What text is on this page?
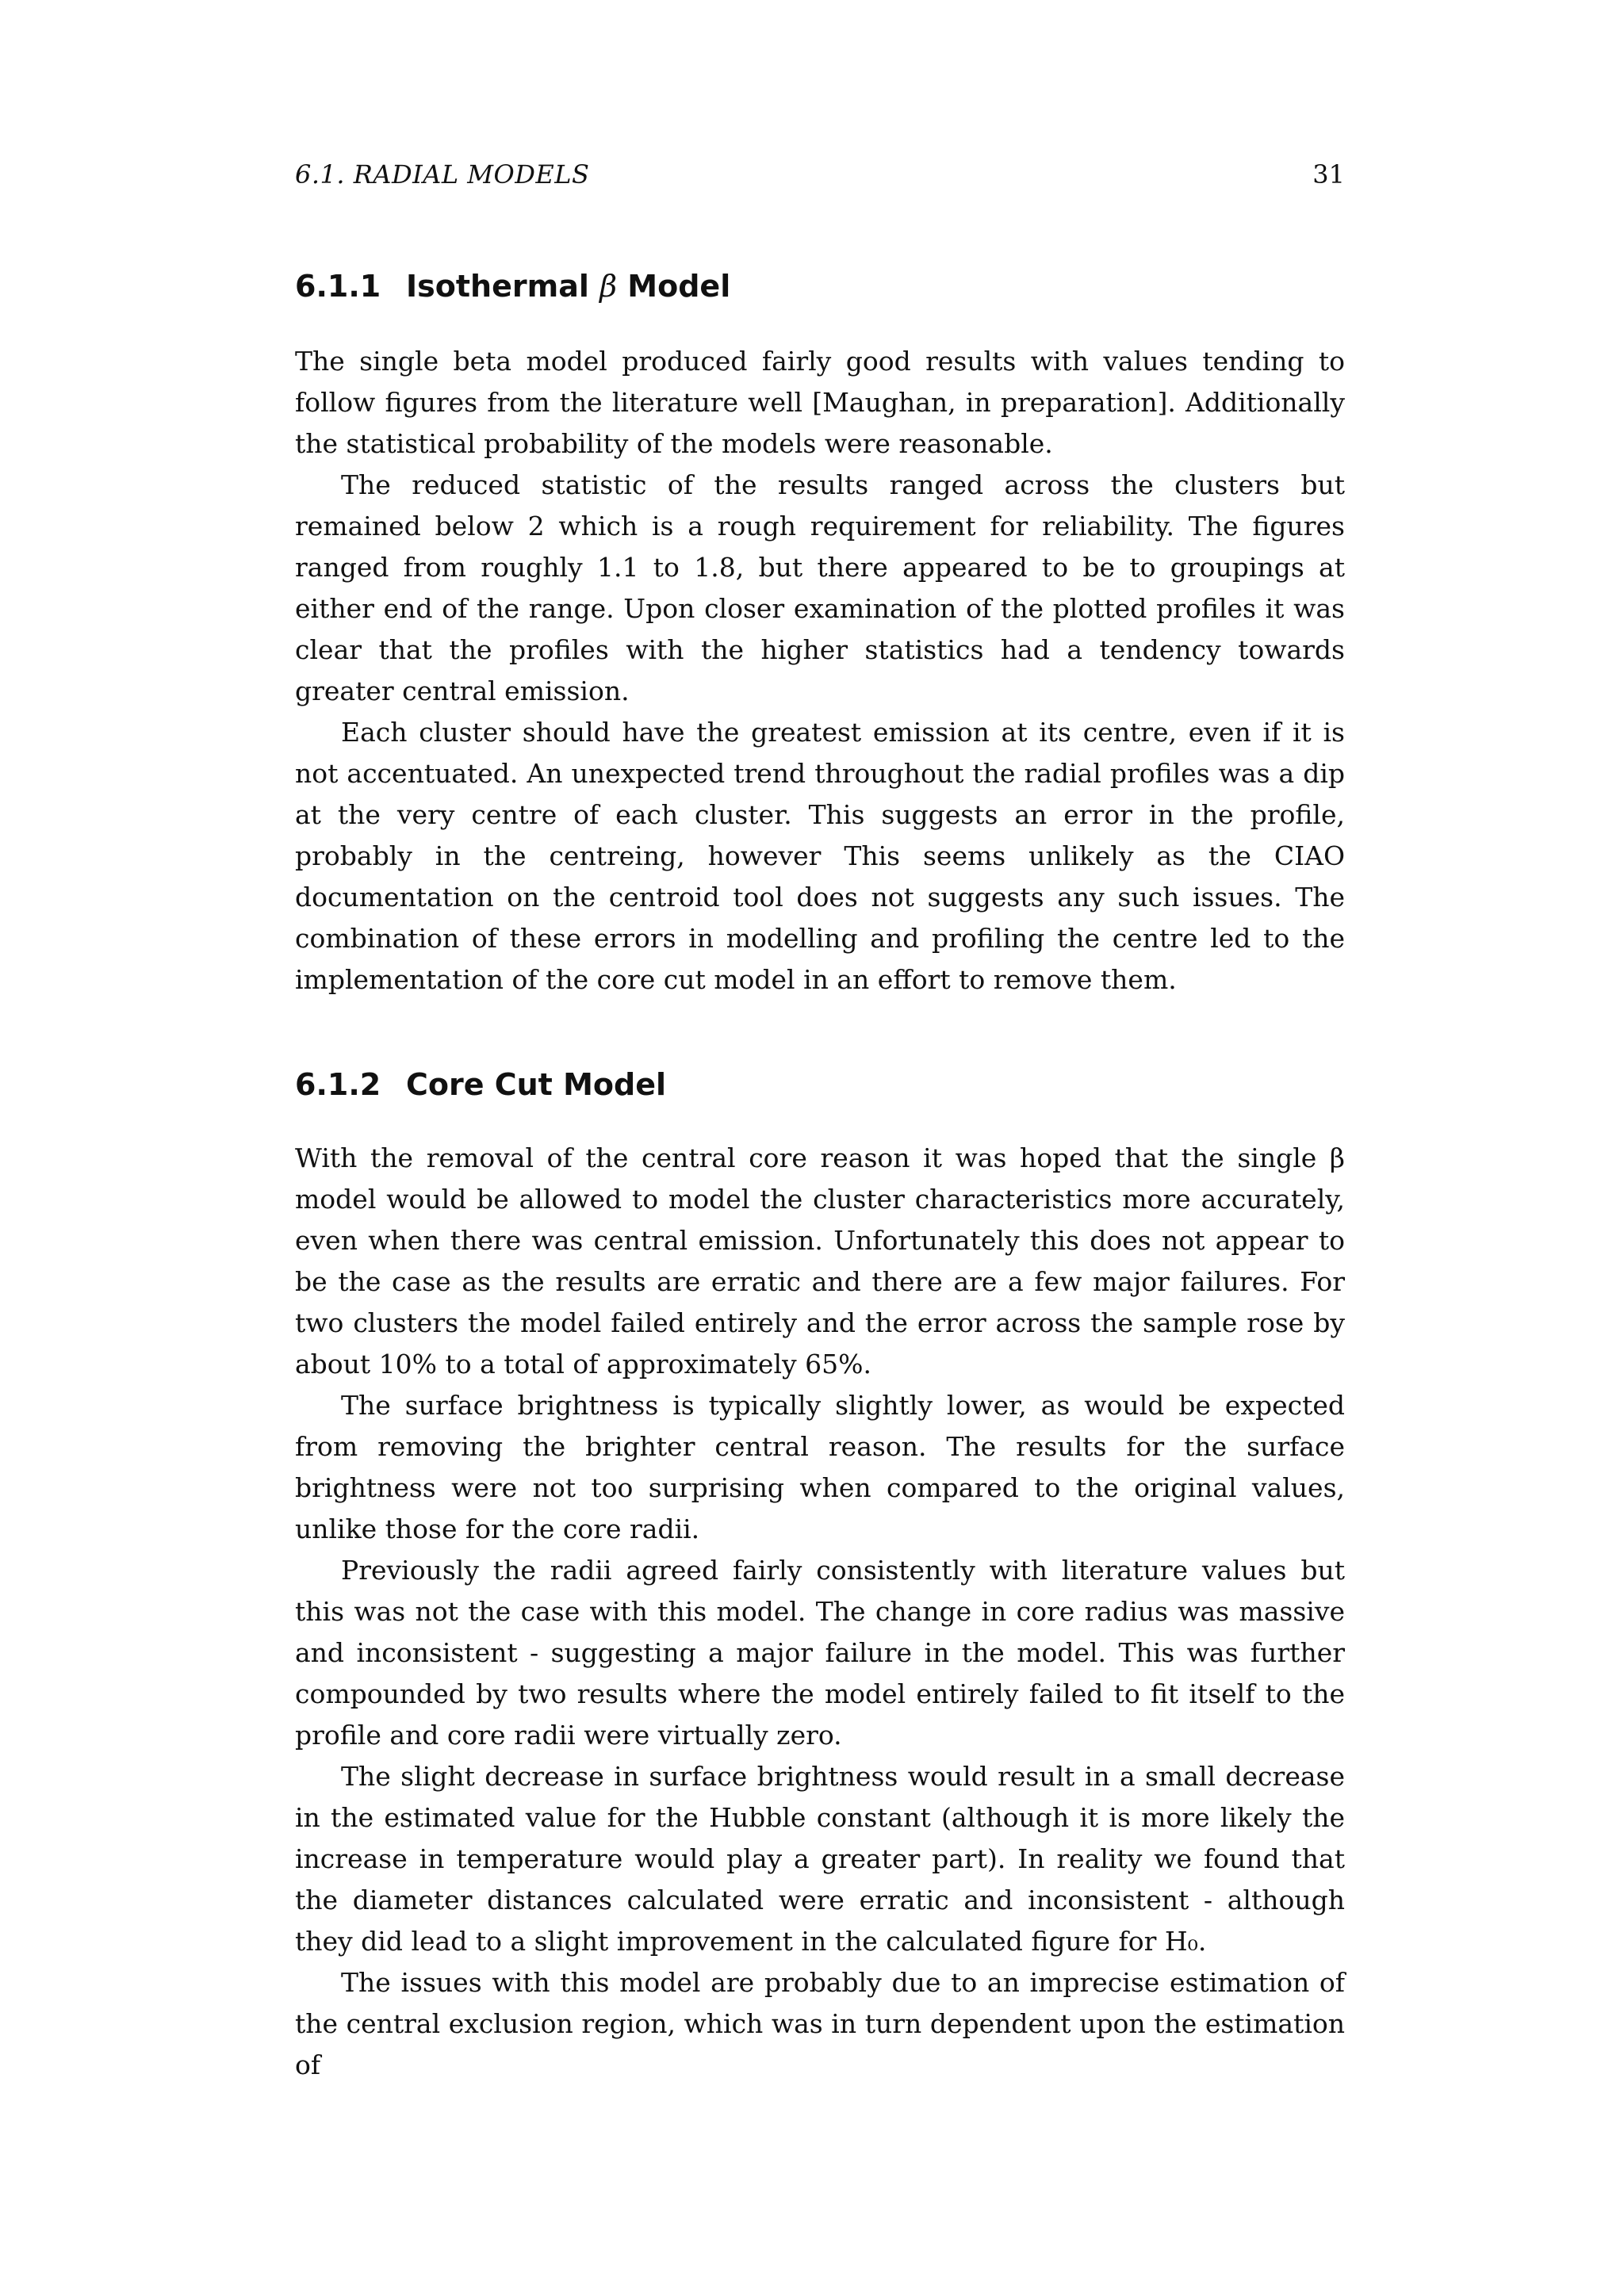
6.1. RADIAL MODELS	31
6.1.1 Isothermal β Model

The single beta model produced fairly good results with values tending to follow figures from the literature well [Maughan, in preparation]. Additionally the statistical probability of the models were reasonable.

The reduced statistic of the results ranged across the clusters but remained below 2 which is a rough requirement for reliability. The figures ranged from roughly 1.1 to 1.8, but there appeared to be to groupings at either end of the range. Upon closer examination of the plotted profiles it was clear that the profiles with the higher statistics had a tendency towards greater central emission.

Each cluster should have the greatest emission at its centre, even if it is not accentuated. An unexpected trend throughout the radial profiles was a dip at the very centre of each cluster. This suggests an error in the profile, probably in the centreing, however This seems unlikely as the CIAO documentation on the centroid tool does not suggests any such issues. The combination of these errors in modelling and profiling the centre led to the implementation of the core cut model in an effort to remove them.

6.1.2 Core Cut Model

With the removal of the central core reason it was hoped that the single β model would be allowed to model the cluster characteristics more accurately, even when there was central emission. Unfortunately this does not appear to be the case as the results are erratic and there are a few major failures. For two clusters the model failed entirely and the error across the sample rose by about 10% to a total of approximately 65%.

The surface brightness is typically slightly lower, as would be expected from removing the brighter central reason. The results for the surface brightness were not too surprising when compared to the original values, unlike those for the core radii.

Previously the radii agreed fairly consistently with literature values but this was not the case with this model. The change in core radius was massive and inconsistent - suggesting a major failure in the model. This was further compounded by two results where the model entirely failed to fit itself to the profile and core radii were virtually zero.

The slight decrease in surface brightness would result in a small decrease in the estimated value for the Hubble constant (although it is more likely the increase in temperature would play a greater part). In reality we found that the diameter distances calculated were erratic and inconsistent - although they did lead to a slight improvement in the calculated figure for H₀.

The issues with this model are probably due to an imprecise estimation of the central exclusion region, which was in turn dependent upon the estimation of
